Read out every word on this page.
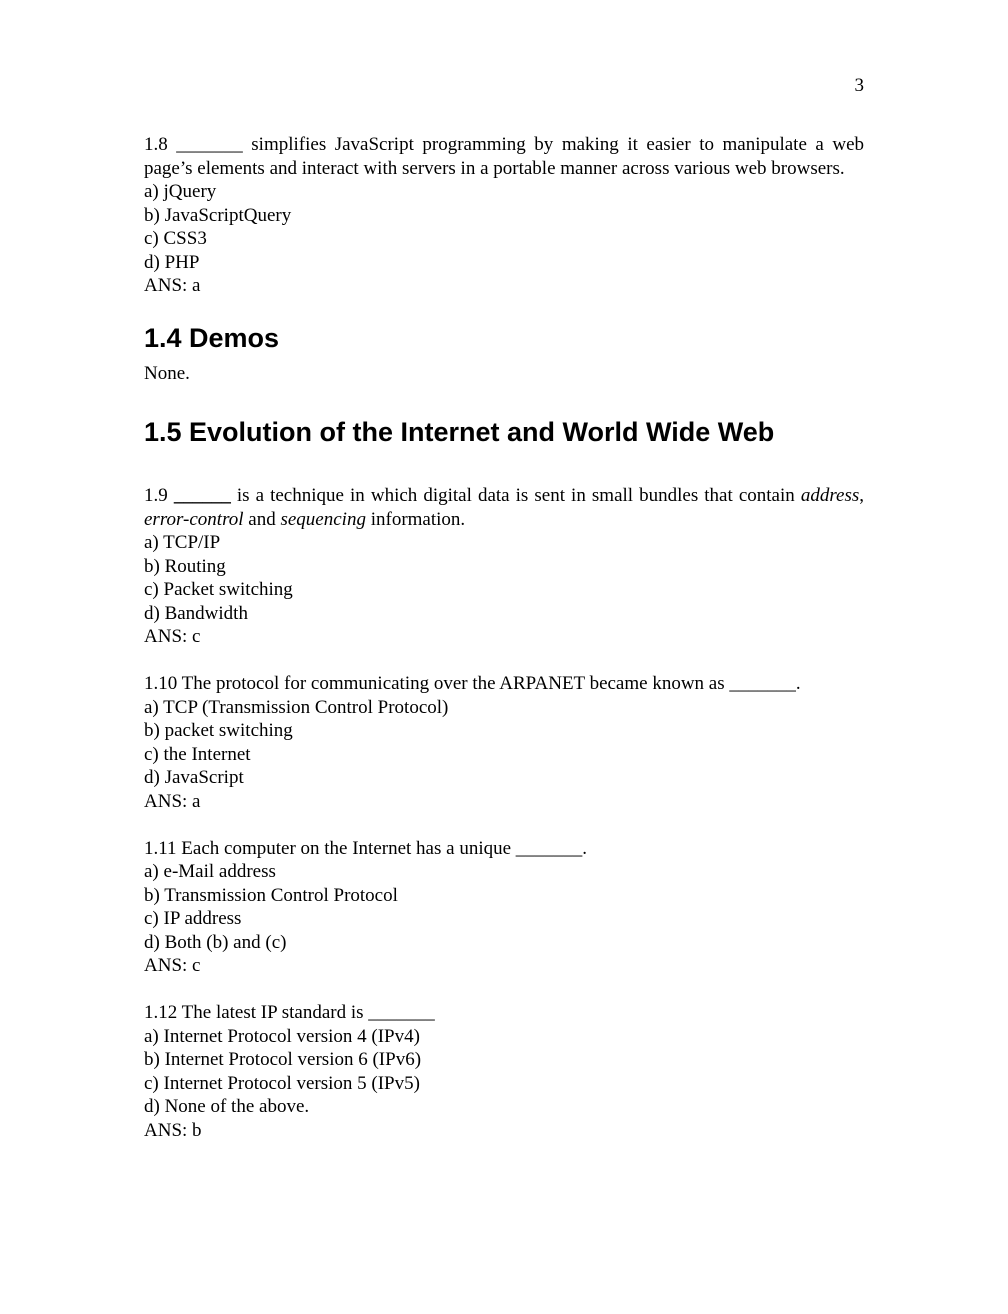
3

1.8 _______ simplifies JavaScript programming by making it easier to manipulate a web page’s elements and interact with servers in a portable manner across various web browsers.

a) jQuery

b) JavaScriptQuery

c) CSS3

d) PHP

ANS: a

1.4 Demos

None.

1.5 Evolution of the Internet and World Wide Web

1.9 ______ is a technique in which digital data is sent in small bundles that contain address, error-control and sequencing information.

a) TCP/IP

b) Routing

c) Packet switching

d) Bandwidth

ANS: c

1.10 The protocol for communicating over the ARPANET became known as _______.

a) TCP (Transmission Control Protocol)

b) packet switching

c) the Internet

d) JavaScript

ANS: a

1.11 Each computer on the Internet has a unique _______.

a) e-Mail address

b) Transmission Control Protocol

c) IP address

d) Both (b) and (c)

ANS: c

1.12 The latest IP standard is _______

a) Internet Protocol version 4 (IPv4)

b) Internet Protocol version 6 (IPv6)

c) Internet Protocol version 5 (IPv5)

d) None of the above.

ANS: b
